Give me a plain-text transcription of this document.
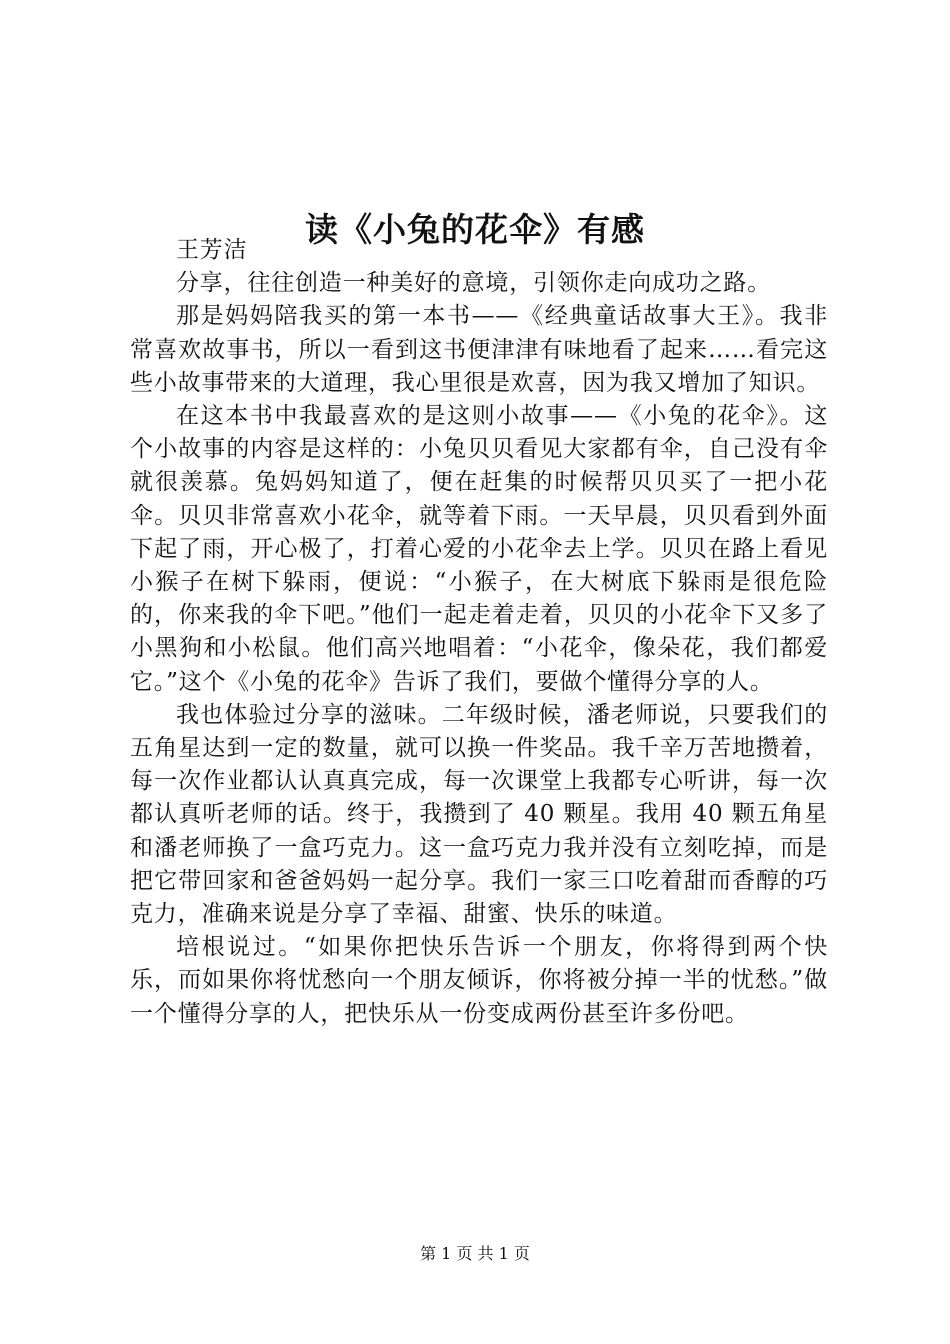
读《小兔的花伞》有感

王芳洁

分享，往往创造一种美好的意境，引领你走向成功之路。

那是妈妈陪我买的第一本书——《经典童话故事大王》。我非常喜欢故事书，所以一看到这书便津津有味地看了起来……看完这些小故事带来的大道理，我心里很是欢喜，因为我又增加了知识。

在这本书中我最喜欢的是这则小故事——《小兔的花伞》。这个小故事的内容是这样的：小兔贝贝看见大家都有伞，自己没有伞就很羡慕。兔妈妈知道了，便在赶集的时候帮贝贝买了一把小花伞。贝贝非常喜欢小花伞，就等着下雨。一天早晨，贝贝看到外面下起了雨，开心极了，打着心爱的小花伞去上学。贝贝在路上看见小猴子在树下躲雨，便说：“小猴子，在大树底下躲雨是很危险的，你来我的伞下吧。”他们一起走着走着，贝贝的小花伞下又多了小黑狗和小松鼠。他们高兴地唱着：“小花伞，像朵花，我们都爱它。”这个《小兔的花伞》告诉了我们，要做个懂得分享的人。

我也体验过分享的滋味。二年级时候，潘老师说，只要我们的五角星达到一定的数量，就可以换一件奖品。我千辛万苦地攒着，每一次作业都认认真真完成，每一次课堂上我都专心听讲，每一次都认真听老师的话。终于，我攒到了 40 颗星。我用 40 颗五角星和潘老师换了一盒巧克力。这一盒巧克力我并没有立刻吃掉，而是把它带回家和爸爸妈妈一起分享。我们一家三口吃着甜而香醇的巧克力，准确来说是分享了幸福、甜蜜、快乐的味道。

培根说过。“如果你把快乐告诉一个朋友，你将得到两个快乐，而如果你将忧愁向一个朋友倾诉，你将被分掉一半的忧愁。”做一个懂得分享的人，把快乐从一份变成两份甚至许多份吧。

第 1 页 共 1 页
